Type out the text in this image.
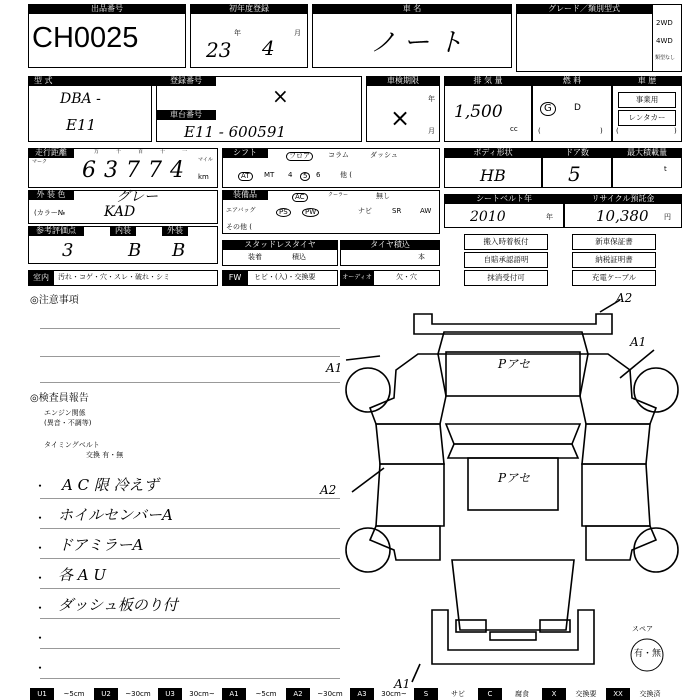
出品番号
CH0025
初年度登録
23
年
4
月
車 名
ノート
グレード／類別型式
2WD
4WD
類型なし
型 式
DBA -
E11
登録番号
×
車台番号
E11 - 600591
車検期限
年
月
×
排 気 量
1,500
cc
燃 料
G	D
(	)
車 歴
事業用
レンタカー
(	)
走行距離
マーク
万
6
千
3
百
7
十
7
一
4	マイル
km
シフト	フロア	コラム	ダッシュ
AT	MT 4	5	6	他 (
ボディ形状
HB
ドア数
5
最大積載量
t
外 装 色	グレー
(カラー№	KAD
装備品	AC	クーラー	無し
エアバッグ	PS	PW	ナビ	SR	AW
その他 (
シートベルト年
2010	年
リサイクル預託金
10,380 円
参考評価点
3
内装
B
外装
B	スタッドレスタイヤ
装着	積込
タイヤ積込
本
室内	汚れ・コゲ・穴・スレ・破れ・シミ	FW	ヒビ・(入)・交換要	オーディオ	欠・穴
搬入時着板付	新車保証書
自賠承認語明	納税証明書
抹消受付可	充電ケーブル
◎注意事項
◎検査員報告
エンジン関係
(異音・不調等)
タイミングベルト
交換 有・無
・ A C 限 冷えず
・ ホイルセンバーA
・ ドアミラーA
・ 各 A U
・ ダッシュ板のり付
・
・
A2
A1
A1
A2
A1
Pアセ
Pアセ
スペア
有・無
U1	~5cm	U2	~30cm	U3	30cm~	A1	~5cm	A2	~30cm	A3	30cm~	S	サビ	C	腐食	X	交換要	XX	交換済
